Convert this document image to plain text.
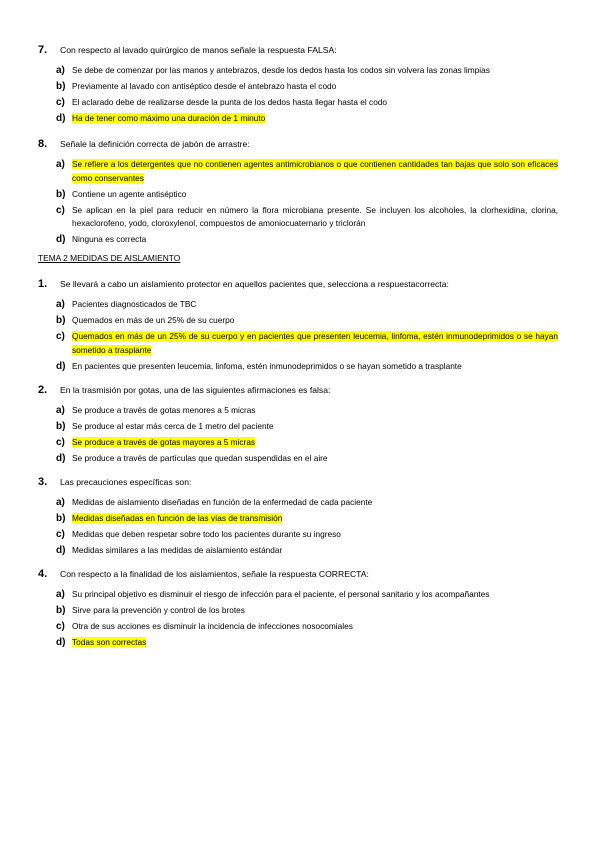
7.	Con respecto al lavado quirúrgico de manos señale la respuesta FALSA:
a) Se debe de comenzar por las manos y antebrazos, desde los dedos hasta los codos sin volvera las zonas limpias
b) Previamente al lavado con antiséptico desde el antebrazo hasta el codo
c) El aclarado debe de realizarse desde la punta de los dedos hasta llegar hasta el codo
d) Ha de tener como máximo una duración de 1 minuto
8.	Señale la definición correcta de jabón de arrastre:
a) Se refiere a los detergentes que no contienen agentes antimicrobianos o que contienen cantidades tan bajas que solo son eficaces como conservantes
b) Contiene un agente antiséptico
c) Se aplican en la piel para reducir en número la flora microbiana presente. Se incluyen los alcoholes, la clorhexidina, clorina, hexaclorofeno, yodo, cloroxylenol, compuestos de amoniocuaternario y triclorán
d) Ninguna es correcta
TEMA 2 MEDIDAS DE AISLAMIENTO
1.	Se llevará a cabo un aislamiento protector en aquellos pacientes que, selecciona a respuestacorrecta:
a) Pacientes diagnosticados de TBC
b) Quemados en más de un 25% de su cuerpo
c) Quemados en más de un 25% de su cuerpo y en pacientes que presenten leucemia, linfoma, estén inmunodeprimidos o se hayan sometido a trasplante
d) En pacientes que presenten leucemia, linfoma, estén inmunodeprimidos o se hayan sometido a trasplante
2.	En la trasmisión por gotas, una de las siguientes afirmaciones es falsa:
a) Se produce a través de gotas menores a 5 micras
b) Se produce al estar más cerca de 1 metro del paciente
c) Se produce a través de gotas mayores a 5 micras
d) Se produce a través de partículas que quedan suspendidas en el aire
3.	Las precauciones específicas son:
a) Medidas de aislamiento diseñadas en función de la enfermedad de cada paciente
b) Medidas diseñadas en función de las vías de transmisión
c) Medidas que deben respetar sobre todo los pacientes durante su ingreso
d) Medidas similares a las medidas de aislamiento estándar
4.	Con respecto a la finalidad de los aislamientos, señale la respuesta CORRECTA:
a) Su principal objetivo es disminuir el riesgo de infección para el paciente, el personal sanitario y los acompañantes
b) Sirve para la prevención y control de los brotes
c) Otra de sus acciones es disminuir la incidencia de infecciones nosocomiales
d) Todas son correctas
